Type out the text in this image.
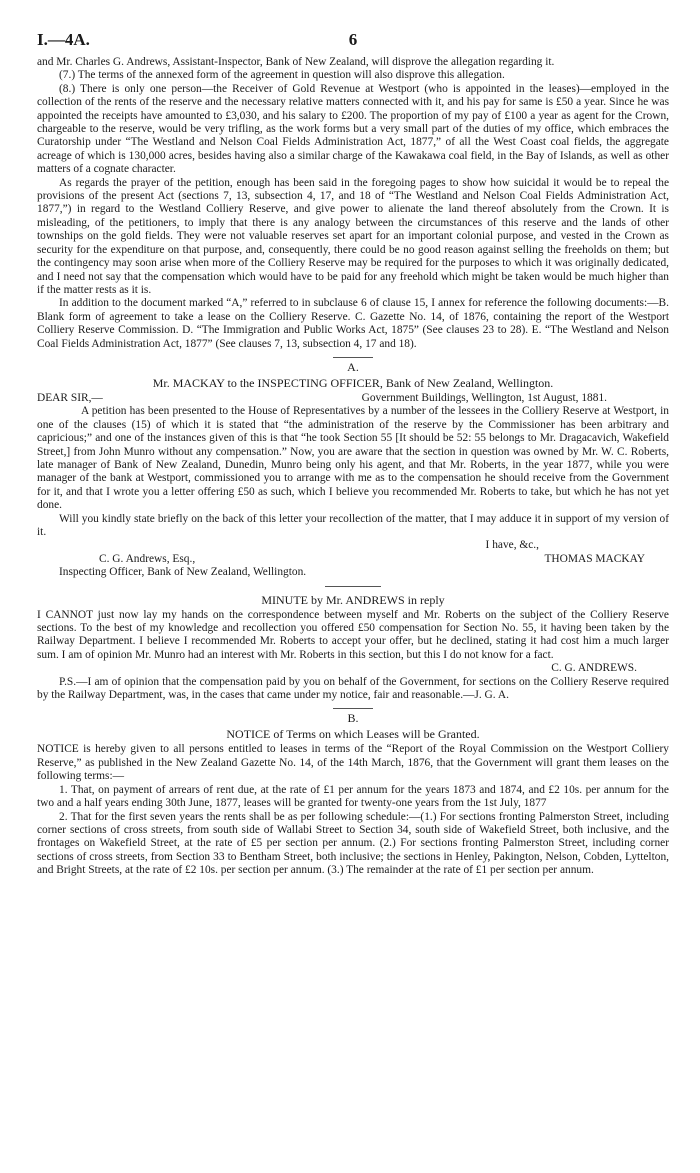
I.—4A.	6

and Mr. Charles G. Andrews, Assistant-Inspector, Bank of New Zealand, will disprove the allegation regarding it.

(7.) The terms of the annexed form of the agreement in question will also disprove this allegation.

(8.) There is only one person—the Receiver of Gold Revenue at Westport (who is appointed in the leases)—employed in the collection of the rents of the reserve and the necessary relative matters connected with it, and his pay for same is £50 a year. Since he was appointed the receipts have amounted to £3,030, and his salary to £200. The proportion of my pay of £100 a year as agent for the Crown, chargeable to the reserve, would be very trifling, as the work forms but a very small part of the duties of my office, which embraces the Curatorship under “The Westland and Nelson Coal Fields Administration Act, 1877,” of all the West Coast coal fields, the aggregate acreage of which is 130,000 acres, besides having also a similar charge of the Kawakawa coal field, in the Bay of Islands, as well as other matters of a cognate character.

As regards the prayer of the petition, enough has been said in the foregoing pages to show how suicidal it would be to repeal the provisions of the present Act (sections 7, 13, subsection 4, 17, and 18 of “The Westland and Nelson Coal Fields Administration Act, 1877,”) in regard to the Westland Colliery Reserve, and give power to alienate the land thereof absolutely from the Crown. It is misleading, of the petitioners, to imply that there is any analogy between the circumstances of this reserve and the lands of other townships on the gold fields. They were not valuable reserves set apart for an important colonial purpose, and vested in the Crown as security for the expenditure on that purpose, and, consequently, there could be no good reason against selling the freeholds on them; but the contingency may soon arise when more of the Colliery Reserve may be required for the purposes to which it was originally dedicated, and I need not say that the compensation which would have to be paid for any freehold which might be taken would be much higher than if the matter rests as it is.

In addition to the document marked “A,” referred to in subclause 6 of clause 15, I annex for reference the following documents:—B. Blank form of agreement to take a lease on the Colliery Reserve. C. Gazette No. 14, of 1876, containing the report of the Westport Colliery Reserve Commission. D. “The Immigration and Public Works Act, 1875” (See clauses 23 to 28). E. “The Westland and Nelson Coal Fields Administration Act, 1877” (See clauses 7, 13, subsection 4, 17 and 18).

A.
Mr. MACKAY to the INSPECTING OFFICER, Bank of New Zealand, Wellington.
DEAR SIR,—	Government Buildings, Wellington, 1st August, 1881.

A petition has been presented to the House of Representatives by a number of the lessees in the Colliery Reserve at Westport, in one of the clauses (15) of which it is stated that “the administration of the reserve by the Commissioner has been arbitrary and capricious;” and one of the instances given of this is that “he took Section 55 [It should be 52: 55 belongs to Mr. Dragacavich, Wakefield Street,] from John Munro without any compensation.” Now, you are aware that the section in question was owned by Mr. W. C. Roberts, late manager of Bank of New Zealand, Dunedin, Munro being only his agent, and that Mr. Roberts, in the year 1877, while you were manager of the bank at Westport, commissioned you to arrange with me as to the compensation he should receive from the Government for it, and that I wrote you a letter offering £50 as such, which I believe you recommended Mr. Roberts to take, but which he has not yet done.

Will you kindly state briefly on the back of this letter your recollection of the matter, that I may adduce it in support of my version of it.

I have, &c.,
C. G. Andrews, Esq.,	THOMAS MACKAY
Inspecting Officer, Bank of New Zealand, Wellington.
MINUTE by Mr. ANDREWS in reply

I CANNOT just now lay my hands on the correspondence between myself and Mr. Roberts on the subject of the Colliery Reserve sections. To the best of my knowledge and recollection you offered £50 compensation for Section No. 55, it having been taken by the Railway Department. I believe I recommended Mr. Roberts to accept your offer, but he declined, stating it had cost him a much larger sum. I am of opinion Mr. Munro had an interest with Mr. Roberts in this section, but this I do not know for a fact.

C. G. ANDREWS.

P.S.—I am of opinion that the compensation paid by you on behalf of the Government, for sections on the Colliery Reserve required by the Railway Department, was, in the cases that came under my notice, fair and reasonable.—J. G. A.

B.
NOTICE of Terms on which Leases will be Granted.

NOTICE is hereby given to all persons entitled to leases in terms of the “Report of the Royal Commission on the Westport Colliery Reserve,” as published in the New Zealand Gazette No. 14, of the 14th March, 1876, that the Government will grant them leases on the following terms:—

1. That, on payment of arrears of rent due, at the rate of £1 per annum for the years 1873 and 1874, and £2 10s. per annum for the two and a half years ending 30th June, 1877, leases will be granted for twenty-one years from the 1st July, 1877

2. That for the first seven years the rents shall be as per following schedule:—(1.) For sections fronting Palmerston Street, including corner sections of cross streets, from south side of Wallabi Street to Section 34, south side of Wakefield Street, both inclusive, and the frontages on Wakefield Street, at the rate of £5 per section per annum. (2.) For sections fronting Palmerston Street, including corner sections of cross streets, from Section 33 to Bentham Street, both inclusive; the sections in Henley, Pakington, Nelson, Cobden, Lyttelton, and Bright Streets, at the rate of £2 10s. per section per annum. (3.) The remainder at the rate of £1 per section per annum.
